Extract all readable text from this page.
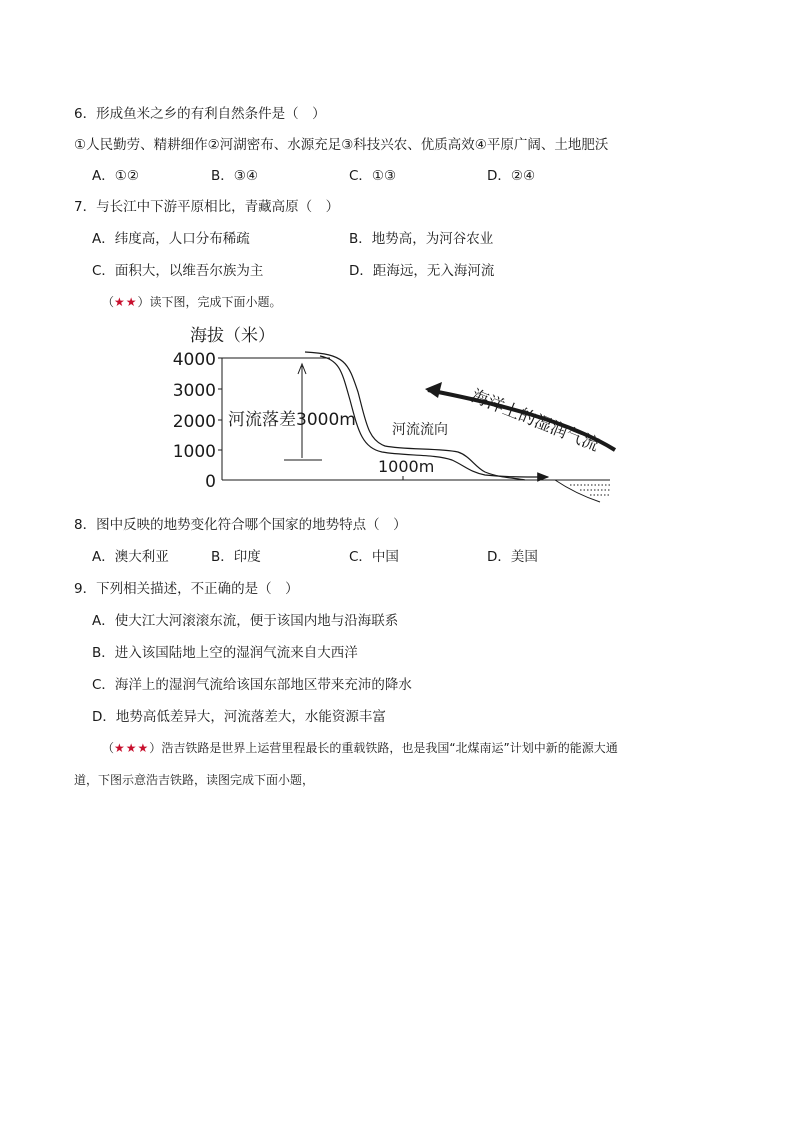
6．形成鱼米之乡的有利自然条件是（　）
①人民勤劳、精耕细作②河湖密布、水源充足③科技兴农、优质高效④平原广阔、土地肥沃
A．①②	B．③④	C．①③	D．②④
7．与长江中下游平原相比，青藏高原（　）
A．纬度高，人口分布稀疏	B．地势高，为河谷农业
C．面积大，以维吾尔族为主	D．距海远，无入海河流
（★★）读下图，完成下面小题。
海拔（米）
4000
3000
2000
1000
0
河流落差3000m	河流流向
1000m
海洋上的湿润气流
8．图中反映的地势变化符合哪个国家的地势特点（　）
A．澳大利亚	B．印度	C．中国	D．美国
9．下列相关描述，不正确的是（　）
A．使大江大河滚滚东流，便于该国内地与沿海联系
B．进入该国陆地上空的湿润气流来自大西洋
C．海洋上的湿润气流给该国东部地区带来充沛的降水
D．地势高低差异大，河流落差大，水能资源丰富
（★★★）浩吉铁路是世界上运营里程最长的重载铁路，也是我国“北煤南运”计划中新的能源大通
道，下图示意浩吉铁路，读图完成下面小题，
